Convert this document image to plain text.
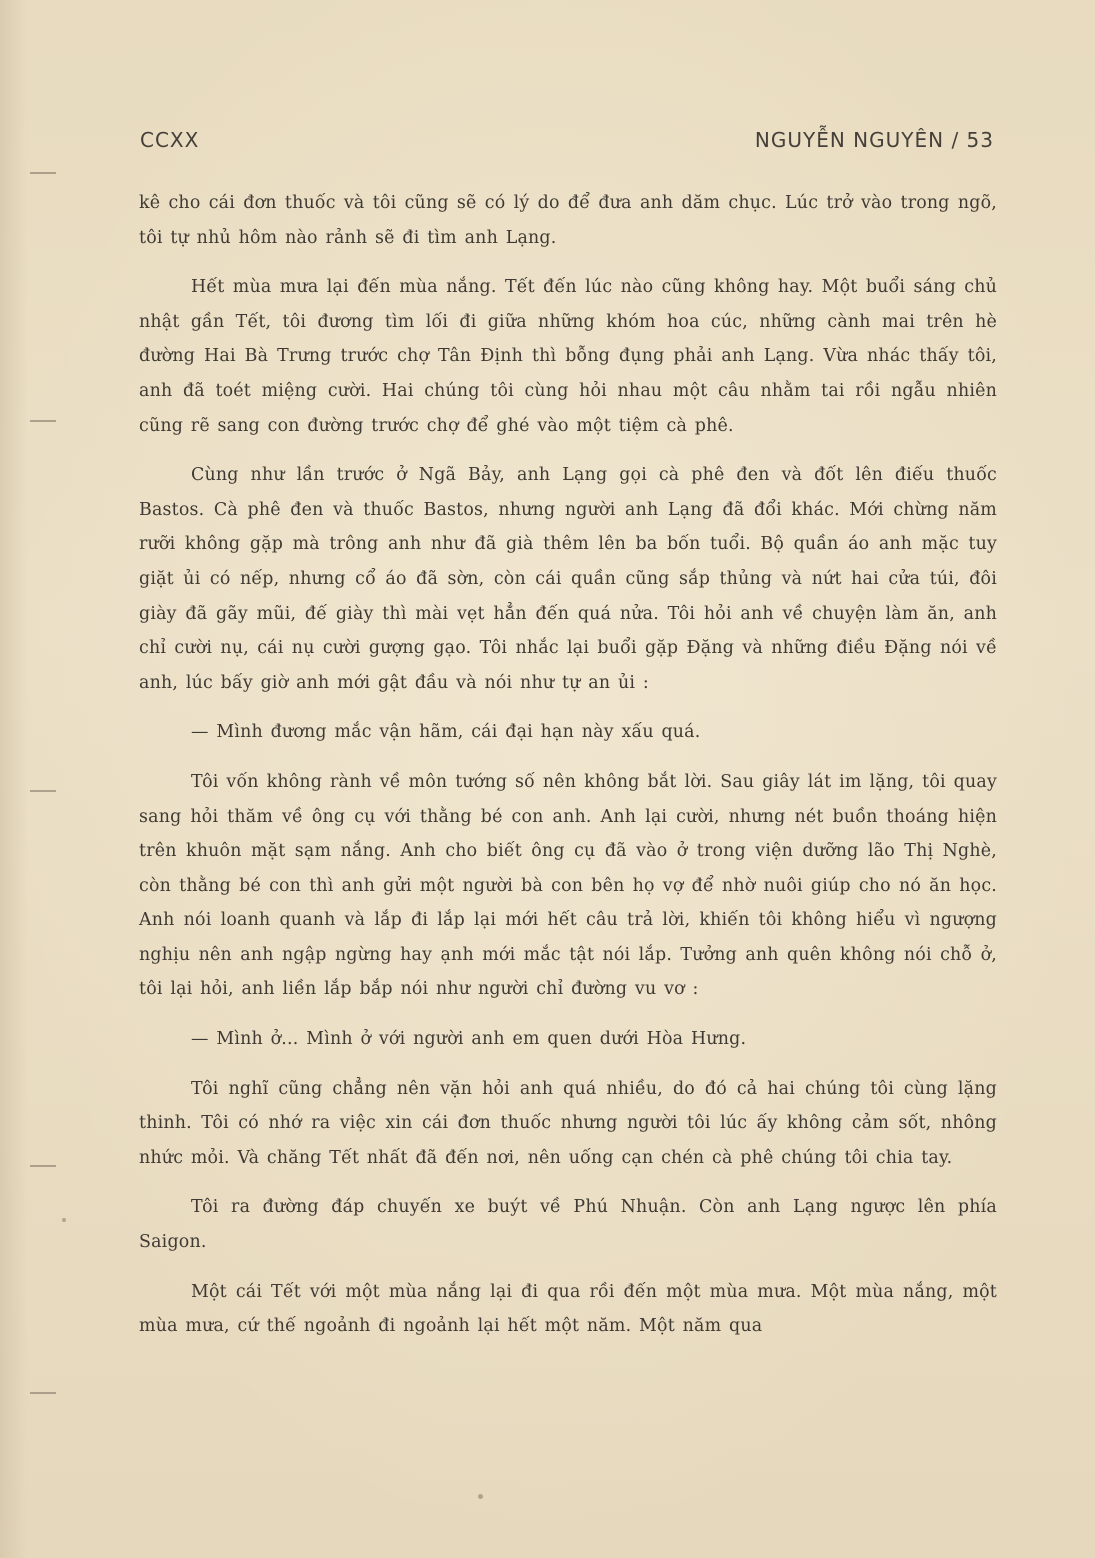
CCXX	NGUYỄN NGUYÊN / 53

kê cho cái đơn thuốc và tôi cũng sẽ có lý do để đưa anh dăm chục. Lúc trở vào trong ngõ, tôi tự nhủ hôm nào rảnh sẽ đi tìm anh Lạng.

Hết mùa mưa lại đến mùa nắng. Tết đến lúc nào cũng không hay. Một buổi sáng chủ nhật gần Tết, tôi đương tìm lối đi giữa những khóm hoa cúc, những cành mai trên hè đường Hai Bà Trưng trước chợ Tân Định thì bỗng đụng phải anh Lạng. Vừa nhác thấy tôi, anh đã toét miệng cười. Hai chúng tôi cùng hỏi nhau một câu nhằm tai rồi ngẫu nhiên cũng rẽ sang con đường trước chợ để ghé vào một tiệm cà phê.

Cùng như lần trước ở Ngã Bảy, anh Lạng gọi cà phê đen và đốt lên điếu thuốc Bastos. Cà phê đen và thuốc Bastos, nhưng người anh Lạng đã đổi khác. Mới chừng năm rưỡi không gặp mà trông anh như đã già thêm lên ba bốn tuổi. Bộ quần áo anh mặc tuy giặt ủi có nếp, nhưng cổ áo đã sờn, còn cái quần cũng sắp thủng và nứt hai cửa túi, đôi giày đã gãy mũi, đế giày thì mài vẹt hẳn đến quá nửa. Tôi hỏi anh về chuyện làm ăn, anh chỉ cười nụ, cái nụ cười gượng gạo. Tôi nhắc lại buổi gặp Đặng và những điều Đặng nói về anh, lúc bấy giờ anh mới gật đầu và nói như tự an ủi :

— Mình đương mắc vận hãm, cái đại hạn này xấu quá.

Tôi vốn không rành về môn tướng số nên không bắt lời. Sau giây lát im lặng, tôi quay sang hỏi thăm về ông cụ với thằng bé con anh. Anh lại cười, nhưng nét buồn thoáng hiện trên khuôn mặt sạm nắng. Anh cho biết ông cụ đã vào ở trong viện dưỡng lão Thị Nghè, còn thằng bé con thì anh gửi một người bà con bên họ vợ để nhờ nuôi giúp cho nó ăn học. Anh nói loanh quanh và lắp đi lắp lại mới hết câu trả lời, khiến tôi không hiểu vì ngượng nghịu nên anh ngập ngừng hay ạnh mới mắc tật nói lắp. Tưởng anh quên không nói chỗ ở, tôi lại hỏi, anh liền lắp bắp nói như người chỉ đường vu vơ :

— Mình ở... Mình ở với người anh em quen dưới Hòa Hưng.

Tôi nghĩ cũng chẳng nên vặn hỏi anh quá nhiều, do đó cả hai chúng tôi cùng lặng thinh. Tôi có nhớ ra việc xin cái đơn thuốc nhưng người tôi lúc ấy không cảm sốt, nhông nhức mỏi. Và chăng Tết nhất đã đến nơi, nên uống cạn chén cà phê chúng tôi chia tay.

Tôi ra đường đáp chuyến xe buýt về Phú Nhuận. Còn anh Lạng ngược lên phía Saigon.

Một cái Tết với một mùa nắng lại đi qua rồi đến một mùa mưa. Một mùa nắng, một mùa mưa, cứ thế ngoảnh đi ngoảnh lại hết một năm. Một năm qua
